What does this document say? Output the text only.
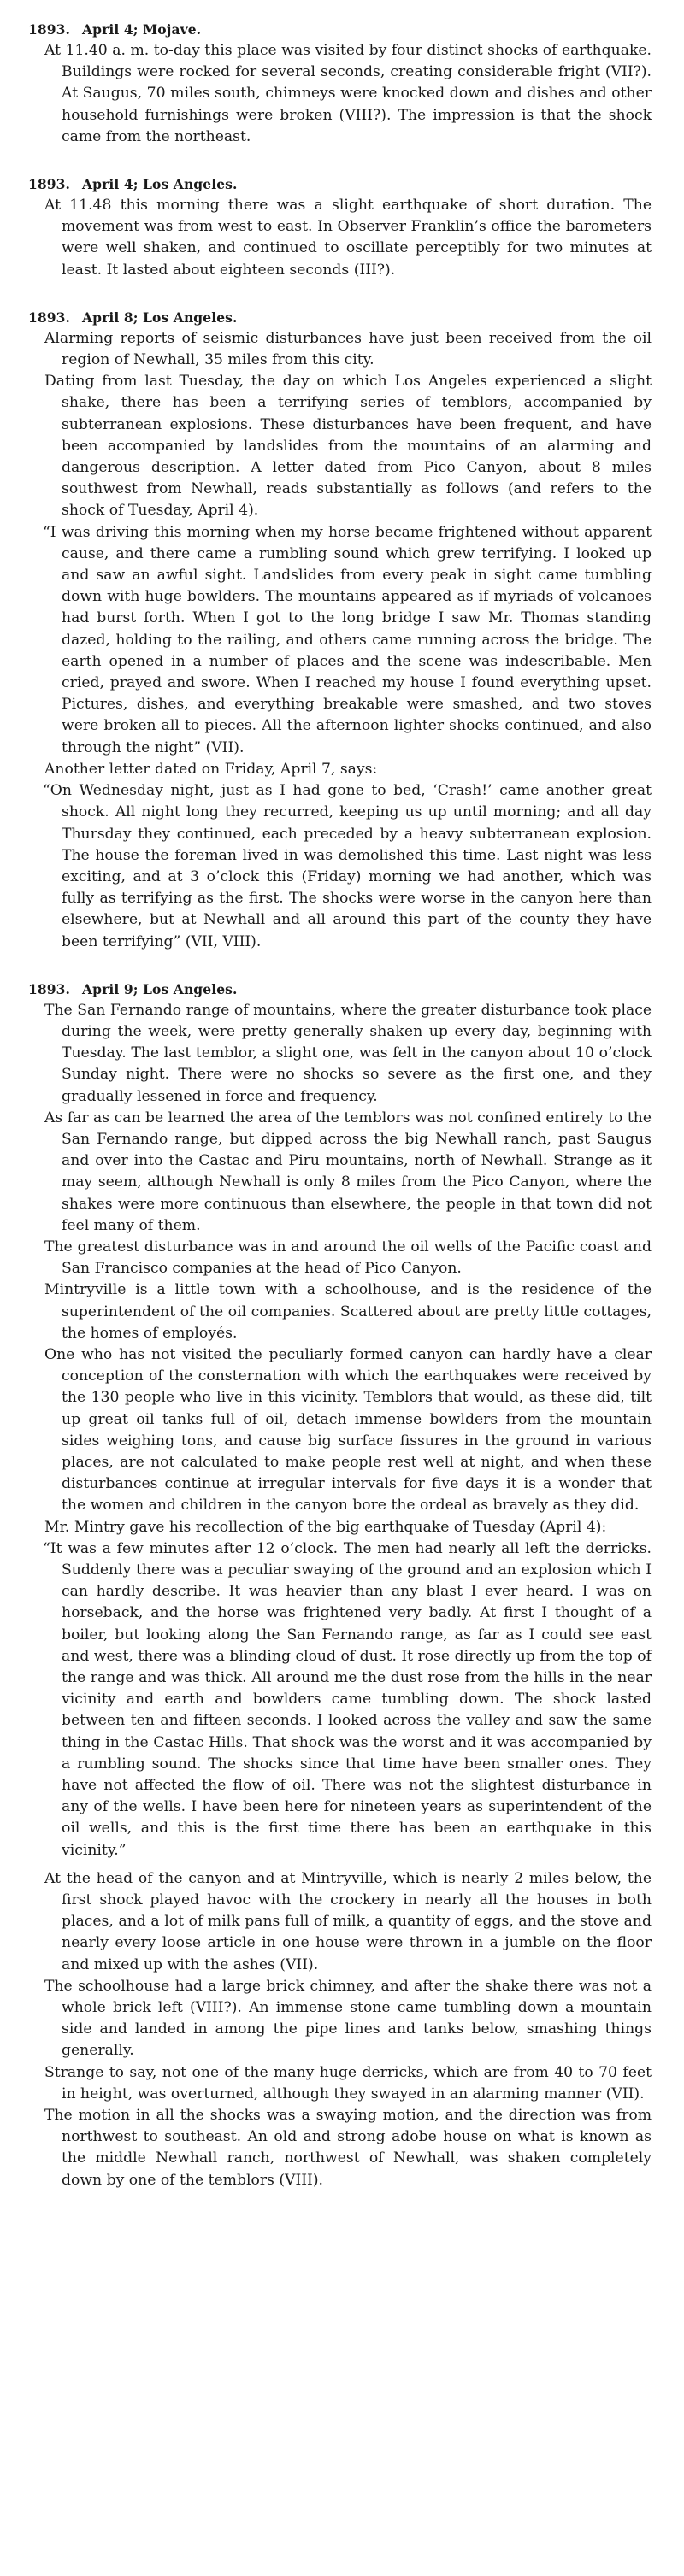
1893. April 4; Mojave.

At 11.40 a. m. to-day this place was visited by four distinct shocks of earthquake. Buildings were rocked for several seconds, creating considerable fright (VII?). At Saugus, 70 miles south, chimneys were knocked down and dishes and other household furnishings were broken (VIII?). The impression is that the shock came from the northeast.

1893. April 4; Los Angeles.

At 11.48 this morning there was a slight earthquake of short duration. The movement was from west to east. In Observer Franklin’s office the barometers were well shaken, and continued to oscillate perceptibly for two minutes at least. It lasted about eighteen seconds (III?).

1893. April 8; Los Angeles.

Alarming reports of seismic disturbances have just been received from the oil region of Newhall, 35 miles from this city.

Dating from last Tuesday, the day on which Los Angeles experienced a slight shake, there has been a terrifying series of temblors, accompanied by subterranean explosions. These disturbances have been frequent, and have been accompanied by landslides from the mountains of an alarming and dangerous description. A letter dated from Pico Canyon, about 8 miles southwest from Newhall, reads substantially as follows (and refers to the shock of Tuesday, April 4).

“I was driving this morning when my horse became frightened without apparent cause, and there came a rumbling sound which grew terrifying. I looked up and saw an awful sight. Landslides from every peak in sight came tumbling down with huge bowlders. The mountains appeared as if myriads of volcanoes had burst forth. When I got to the long bridge I saw Mr. Thomas standing dazed, holding to the railing, and others came running across the bridge. The earth opened in a number of places and the scene was indescribable. Men cried, prayed and swore. When I reached my house I found everything upset. Pictures, dishes, and everything breakable were smashed, and two stoves were broken all to pieces. All the afternoon lighter shocks continued, and also through the night” (VII).

Another letter dated on Friday, April 7, says:

“On Wednesday night, just as I had gone to bed, ‘Crash!’ came another great shock. All night long they recurred, keeping us up until morning; and all day Thursday they continued, each preceded by a heavy subterranean explosion. The house the foreman lived in was demolished this time. Last night was less exciting, and at 3 o’clock this (Friday) morning we had another, which was fully as terrifying as the first. The shocks were worse in the canyon here than elsewhere, but at Newhall and all around this part of the county they have been terrifying” (VII, VIII).

1893. April 9; Los Angeles.

The San Fernando range of mountains, where the greater disturbance took place during the week, were pretty generally shaken up every day, beginning with Tuesday. The last temblor, a slight one, was felt in the canyon about 10 o’clock Sunday night. There were no shocks so severe as the first one, and they gradually lessened in force and frequency.

As far as can be learned the area of the temblors was not confined entirely to the San Fernando range, but dipped across the big Newhall ranch, past Saugus and over into the Castac and Piru mountains, north of Newhall. Strange as it may seem, although Newhall is only 8 miles from the Pico Canyon, where the shakes were more continuous than elsewhere, the people in that town did not feel many of them.

The greatest disturbance was in and around the oil wells of the Pacific coast and San Francisco companies at the head of Pico Canyon.

Mintryville is a little town with a schoolhouse, and is the residence of the superintendent of the oil companies. Scattered about are pretty little cottages, the homes of employés.

One who has not visited the peculiarly formed canyon can hardly have a clear conception of the consternation with which the earthquakes were received by the 130 people who live in this vicinity. Temblors that would, as these did, tilt up great oil tanks full of oil, detach immense bowlders from the mountain sides weighing tons, and cause big surface fissures in the ground in various places, are not calculated to make people rest well at night, and when these disturbances continue at irregular intervals for five days it is a wonder that the women and children in the canyon bore the ordeal as bravely as they did.

Mr. Mintry gave his recollection of the big earthquake of Tuesday (April 4):

“It was a few minutes after 12 o’clock. The men had nearly all left the derricks. Suddenly there was a peculiar swaying of the ground and an explosion which I can hardly describe. It was heavier than any blast I ever heard. I was on horseback, and the horse was frightened very badly. At first I thought of a boiler, but looking along the San Fernando range, as far as I could see east and west, there was a blinding cloud of dust. It rose directly up from the top of the range and was thick. All around me the dust rose from the hills in the near vicinity and earth and bowlders came tumbling down. The shock lasted between ten and fifteen seconds. I looked across the valley and saw the same thing in the Castac Hills. That shock was the worst and it was accompanied by a rumbling sound. The shocks since that time have been smaller ones. They have not affected the flow of oil. There was not the slightest disturbance in any of the wells. I have been here for nineteen years as superintendent of the oil wells, and this is the first time there has been an earthquake in this vicinity.”

At the head of the canyon and at Mintryville, which is nearly 2 miles below, the first shock played havoc with the crockery in nearly all the houses in both places, and a lot of milk pans full of milk, a quantity of eggs, and the stove and nearly every loose article in one house were thrown in a jumble on the floor and mixed up with the ashes (VII).

The schoolhouse had a large brick chimney, and after the shake there was not a whole brick left (VIII?). An immense stone came tumbling down a mountain side and landed in among the pipe lines and tanks below, smashing things generally.

Strange to say, not one of the many huge derricks, which are from 40 to 70 feet in height, was overturned, although they swayed in an alarming manner (VII).

The motion in all the shocks was a swaying motion, and the direction was from northwest to southeast. An old and strong adobe house on what is known as the middle Newhall ranch, northwest of Newhall, was shaken completely down by one of the temblors (VIII).
